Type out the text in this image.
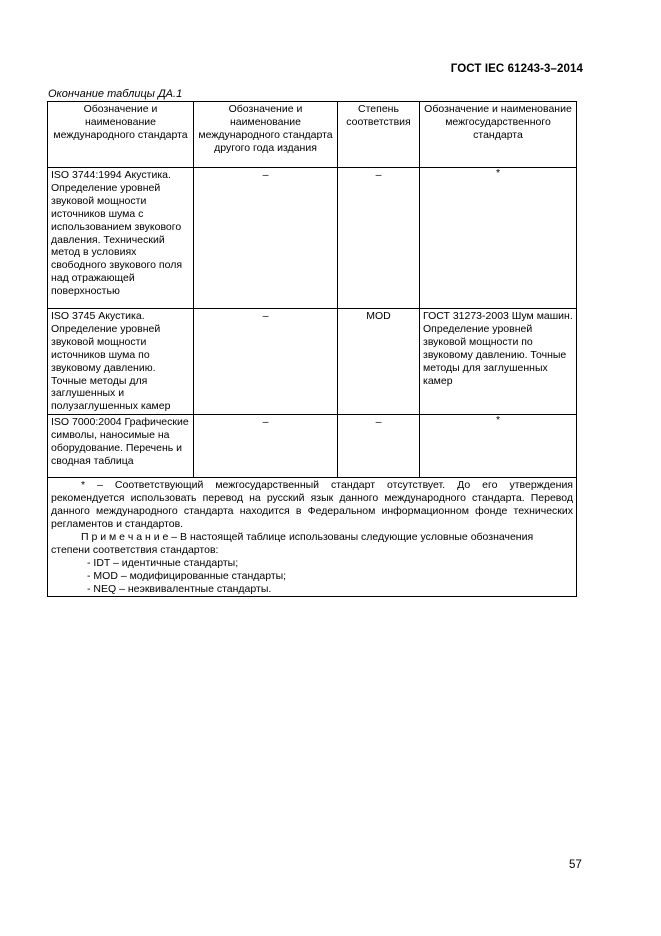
ГОСТ IEC 61243-3–2014
Окончание таблицы ДА.1
Обозначение и наименование международного стандарта	Обозначение и наименование международного стандарта другого года издания	Степень соответствия	Обозначение и наименование межгосударственного стандарта
ISO 3744:1994 Акустика. Определение уровней звуковой мощности источников шума с использованием звукового давления. Технический метод в условиях свободного звукового поля над отражающей поверхностью	–	–	*
ISO 3745 Акустика. Определение уровней звуковой мощности источников шума по звуковому давлению. Точные методы для заглушенных и полузаглушенных камер	–	MOD	ГОСТ 31273-2003 Шум машин. Определение уровней звуковой мощности по звуковому давлению. Точные методы для заглушенных камер
ISO 7000:2004 Графические символы, наносимые на оборудование. Перечень и сводная таблица	–	–	*

* – Соответствующий межгосударственный стандарт отсутствует. До его утверждения рекомендуется использовать перевод на русский язык данного международного стандарта. Перевод данного международного стандарта находится в Федеральном информационном фонде технических регламентов и стандартов.

П р и м е ч а н и е – В настоящей таблице использованы следующие условные обозначения степени соответствия стандартов:

- IDT – идентичные стандарты;

- MOD – модифицированные стандарты;

- NEQ – неэквивалентные стандарты.			

57
